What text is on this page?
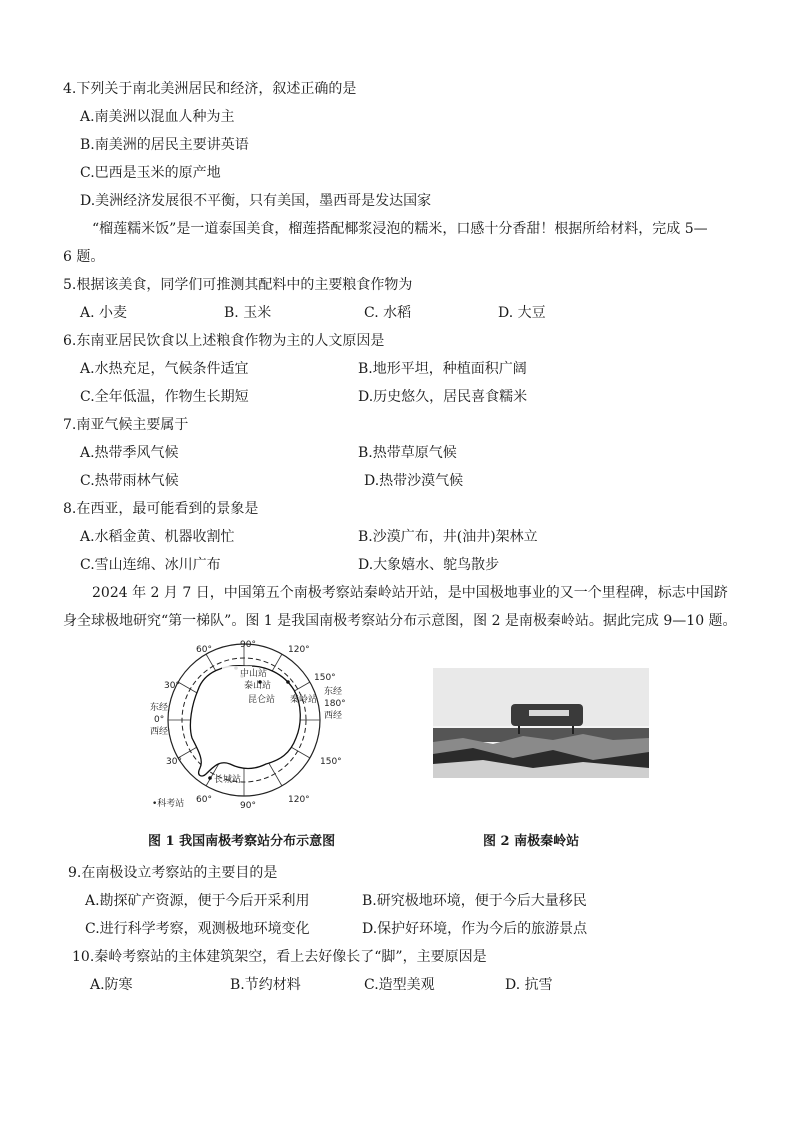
4.下列关于南北美洲居民和经济，叙述正确的是
A.南美洲以混血人种为主
B.南美洲的居民主要讲英语
C.巴西是玉米的原产地
D.美洲经济发展很不平衡，只有美国，墨西哥是发达国家
“榴莲糯米饭”是一道泰国美食，榴莲搭配椰浆浸泡的糯米，口感十分香甜！根据所给材料，完成 5—
6 题。
5.根据该美食，同学们可推测其配料中的主要粮食作物为
A. 小麦	B. 玉米	C. 水稻	D. 大豆
6.东南亚居民饮食以上述粮食作物为主的人文原因是
A.水热充足，气候条件适宜	B.地形平坦，种植面积广阔
C.全年低温，作物生长期短	D.历史悠久，居民喜食糯米
7.南亚气候主要属于
A.热带季风气候	B.热带草原气候
C.热带雨林气候	D.热带沙漠气候
8.在西亚，最可能看到的景象是
A.水稻金黄、机器收割忙	B.沙漠广布，井(油井)架林立
C.雪山连绵、冰川广布	D.大象嬉水、鸵鸟散步
2024 年 2 月 7 日，中国第五个南极考察站秦岭站开站，是中国极地事业的又一个里程碑，标志中国跻
身全球极地研究“第一梯队”。图 1 是我国南极考察站分布示意图，图 2 是南极秦岭站。据此完成 9—10 题。
90°
60°	120°
30°
东经
0°
西经
东经
180°
西经
30°	150°
150°
60°
90°
120°
中山站
泰山站
昆仑站 秦岭站
长城站
•科考站
图 1 我国南极考察站分布示意图	图 2 南极秦岭站
9.在南极设立考察站的主要目的是
A.勘探矿产资源，便于今后开采利用	B.研究极地环境，便于今后大量移民
C.进行科学考察，观测极地环境变化	D.保护好环境，作为今后的旅游景点
10.秦岭考察站的主体建筑架空，看上去好像长了“脚”，主要原因是
A.防寒	B.节约材料	C.造型美观	D. 抗雪
